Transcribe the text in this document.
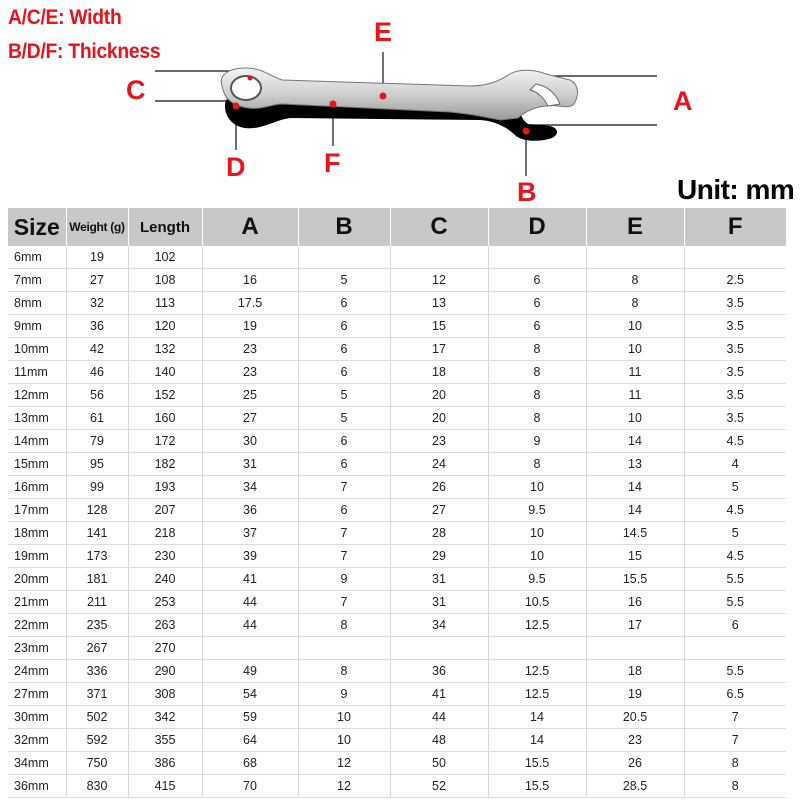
A/C/E: Width
B/D/F: Thickness
C
E
A
D	F
B	Unit: mm
Size	Weight (g)	Length	A	B	C	D	E	F
6mm	19	102						
7mm	27	108	16	5	12	6	8	2.5
8mm	32	113	17.5	6	13	6	8	3.5
9mm	36	120	19	6	15	6	10	3.5
10mm	42	132	23	6	17	8	10	3.5
11mm	46	140	23	6	18	8	11	3.5
12mm	56	152	25	5	20	8	11	3.5
13mm	61	160	27	5	20	8	10	3.5
14mm	79	172	30	6	23	9	14	4.5
15mm	95	182	31	6	24	8	13	4
16mm	99	193	34	7	26	10	14	5
17mm	128	207	36	6	27	9.5	14	4.5
18mm	141	218	37	7	28	10	14.5	5
19mm	173	230	39	7	29	10	15	4.5
20mm	181	240	41	9	31	9.5	15.5	5.5
21mm	211	253	44	7	31	10.5	16	5.5
22mm	235	263	44	8	34	12.5	17	6
23mm	267	270						
24mm	336	290	49	8	36	12.5	18	5.5
27mm	371	308	54	9	41	12.5	19	6.5
30mm	502	342	59	10	44	14	20.5	7
32mm	592	355	64	10	48	14	23	7
34mm	750	386	68	12	50	15.5	26	8
36mm	830	415	70	12	52	15.5	28.5	8
